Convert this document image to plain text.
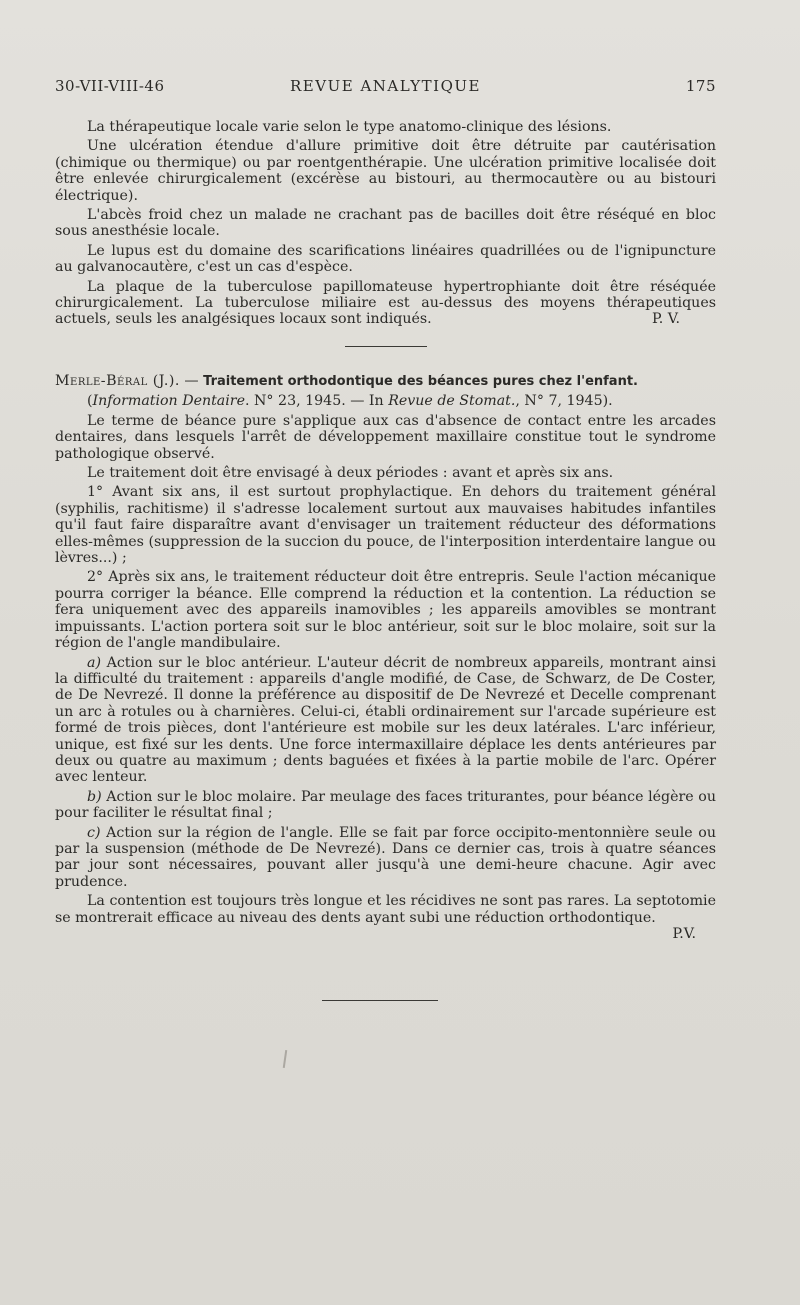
30-VII-VIII-46	REVUE ANALYTIQUE	175

La thérapeutique locale varie selon le type anatomo-clinique des lésions.

Une ulcération étendue d'allure primitive doit être détruite par cautérisation (chimique ou thermique) ou par roentgenthérapie. Une ulcération primitive localisée doit être enlevée chirurgicalement (excérèse au bistouri, au thermocautère ou au bistouri électrique).

L'abcès froid chez un malade ne crachant pas de bacilles doit être réséqué en bloc sous anesthésie locale.

Le lupus est du domaine des scarifications linéaires quadrillées ou de l'ignipuncture au galvanocautère, c'est un cas d'espèce.

La plaque de la tuberculose papillomateuse hypertrophiante doit être réséquée chirurgicalement. La tuberculose miliaire est au-dessus des moyens thérapeutiques actuels, seuls les analgésiques locaux sont indiqués.	P. V.

Merle-Béral (J.). — Traitement orthodontique des béances pures chez l'enfant.

(Information Dentaire. N° 23, 1945. — In Revue de Stomat., N° 7, 1945).

Le terme de béance pure s'applique aux cas d'absence de contact entre les arcades dentaires, dans lesquels l'arrêt de développement maxillaire constitue tout le syndrome pathologique observé.

Le traitement doit être envisagé à deux périodes : avant et après six ans.

1° Avant six ans, il est surtout prophylactique. En dehors du traitement général (syphilis, rachitisme) il s'adresse localement surtout aux mauvaises habitudes infantiles qu'il faut faire disparaître avant d'envisager un traitement réducteur des déformations elles-mêmes (suppression de la succion du pouce, de l'interposition interdentaire langue ou lèvres...) ;

2° Après six ans, le traitement réducteur doit être entrepris. Seule l'action mécanique pourra corriger la béance. Elle comprend la réduction et la contention. La réduction se fera uniquement avec des appareils inamovibles ; les appareils amovibles se montrant impuissants. L'action portera soit sur le bloc antérieur, soit sur le bloc molaire, soit sur la région de l'angle mandibulaire.

a) Action sur le bloc antérieur. L'auteur décrit de nombreux appareils, montrant ainsi la difficulté du traitement : appareils d'angle modifié, de Case, de Schwarz, de De Coster, de De Nevrezé. Il donne la préférence au dispositif de De Nevrezé et Decelle comprenant un arc à rotules ou à charnières. Celui-ci, établi ordinairement sur l'arcade supérieure est formé de trois pièces, dont l'antérieure est mobile sur les deux latérales. L'arc inférieur, unique, est fixé sur les dents. Une force intermaxillaire déplace les dents antérieures par deux ou quatre au maximum ; dents baguées et fixées à la partie mobile de l'arc. Opérer avec lenteur.

b) Action sur le bloc molaire. Par meulage des faces triturantes, pour béance légère ou pour faciliter le résultat final ;

c) Action sur la région de l'angle. Elle se fait par force occipito-mentonnière seule ou par la suspension (méthode de De Nevrezé). Dans ce dernier cas, trois à quatre séances par jour sont nécessaires, pouvant aller jusqu'à une demi-heure chacune. Agir avec prudence.

La contention est toujours très longue et les récidives ne sont pas rares. La septotomie se montrerait efficace au niveau des dents ayant subi une réduction orthodontique.
P.V.
